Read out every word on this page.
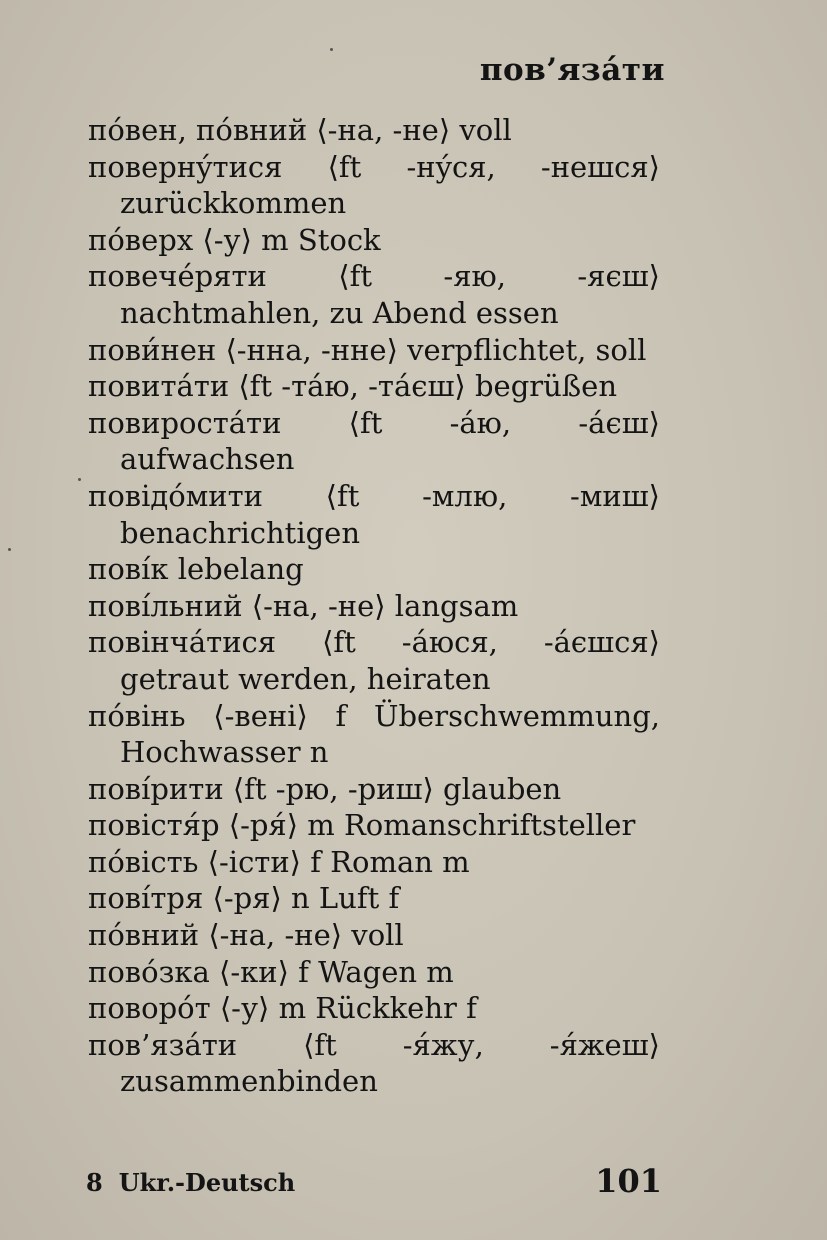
пов’язáти
пóвен, пóвний ⟨-на, -не⟩ voll
повернýтися ⟨ft -нýся, -нешся⟩ zurückkommen
пóверх ⟨-у⟩ m Stock
повечéряти ⟨ft -яю, -яєш⟩ nachtmahlen, zu Abend essen
пови́нен ⟨-нна, -нне⟩ verpflichtet, soll
повитáти ⟨ft -тáю, -тáєш⟩ begrüßen
повиростáти ⟨ft -áю, -áєш⟩ aufwachsen
повідóмити ⟨ft -млю, -миш⟩ benachrichtigen
повíк lebelang
повíльний ⟨-на, -не⟩ langsam
повінчáтися ⟨ft -áюся, -áєшся⟩ getraut werden, heiraten
пóвінь ⟨-вені⟩ f Überschwemmung, Hochwasser n
повíрити ⟨ft -рю, -риш⟩ glauben
повістя́р ⟨-ря́⟩ m Romanschriftsteller
пóвість ⟨-істи⟩ f Roman m
повíтря ⟨-ря⟩ n Luft f
пóвний ⟨-на, -не⟩ voll
повóзка ⟨-ки⟩ f Wagen m
поворóт ⟨-у⟩ m Rückkehr f
пов’язáти ⟨ft -я́жу, -я́жеш⟩ zusammenbinden
8 Ukr.-Deutsch	101
